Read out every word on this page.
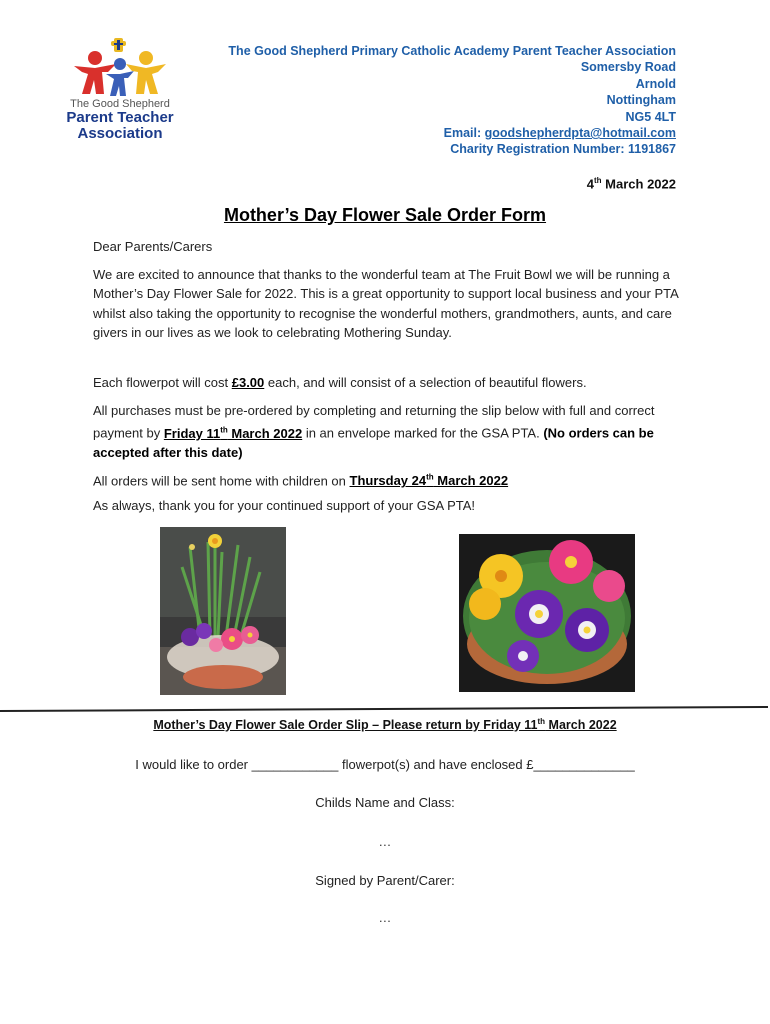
The Good Shepherd
Parent Teacher
Association
The Good Shepherd Primary Catholic Academy Parent Teacher Association
Somersby Road
Arnold
Nottingham
NG5 4LT
Email: goodshepherdpta@hotmail.com
Charity Registration Number: 1191867
4th March 2022
Mother’s Day Flower Sale Order Form
Dear Parents/Carers
We are excited to announce that thanks to the wonderful team at The Fruit Bowl we will be running a Mother’s Day Flower Sale for 2022. This is a great opportunity to support local business and your PTA whilst also taking the opportunity to recognise the wonderful mothers, grandmothers, aunts, and care givers in our lives as we look to celebrating Mothering Sunday.
Each flowerpot will cost £3.00 each, and will consist of a selection of beautiful flowers.
All purchases must be pre-ordered by completing and returning the slip below with full and correct payment by Friday 11th March 2022 in an envelope marked for the GSA PTA. (No orders can be accepted after this date)
All orders will be sent home with children on Thursday 24th March 2022
As always, thank you for your continued support of your GSA PTA!
Mother’s Day Flower Sale Order Slip – Please return by Friday 11th March 2022
I would like to order ____________ flowerpot(s) and have enclosed £______________
Childs Name and Class:
…
Signed by Parent/Carer:
…
